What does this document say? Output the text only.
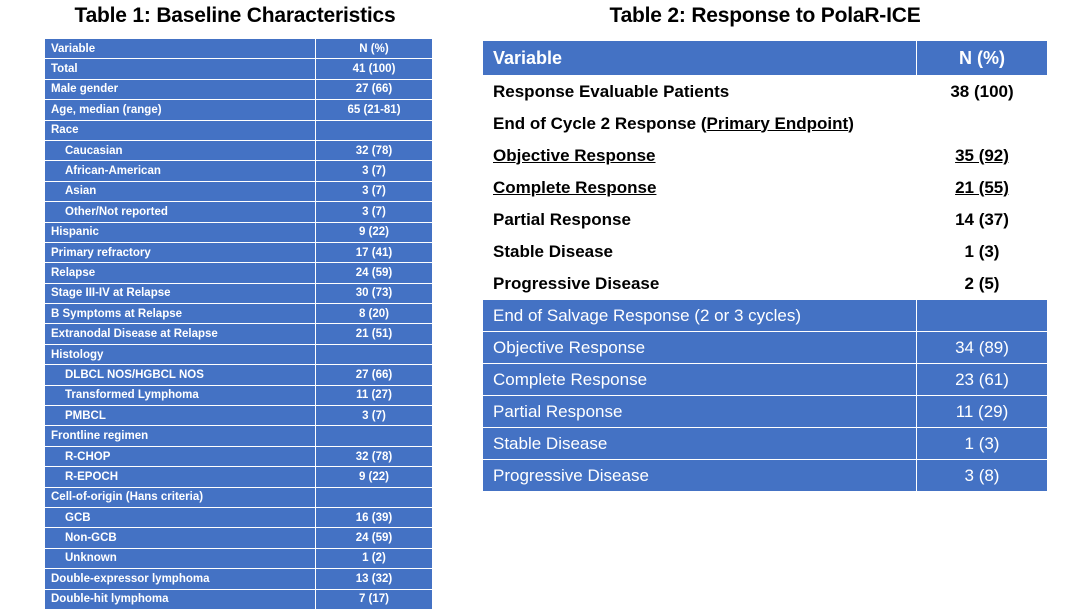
Table 1: Baseline Characteristics
Variable	N (%)
Total	41 (100)
Male gender	27 (66)
Age, median (range)	65 (21-81)
Race	
Caucasian	32 (78)
African-American	3 (7)
Asian	3 (7)
Other/Not reported	3 (7)
Hispanic	9 (22)
Primary refractory	17 (41)
Relapse	24 (59)
Stage III-IV at Relapse	30 (73)
B Symptoms at Relapse	8 (20)
Extranodal Disease at Relapse	21 (51)
Histology	
DLBCL NOS/HGBCL NOS	27 (66)
Transformed Lymphoma	11 (27)
PMBCL	3 (7)
Frontline regimen	
R-CHOP	32 (78)
R-EPOCH	9 (22)
Cell-of-origin (Hans criteria)	
GCB	16 (39)
Non-GCB	24 (59)
Unknown	1 (2)
Double-expressor lymphoma	13 (32)
Double-hit lymphoma	7 (17)
Table 2: Response to PolaR-ICE
Variable	N (%)
Response Evaluable Patients	38 (100)
End of Cycle 2 Response (Primary Endpoint)	
Objective Response	35 (92)
Complete Response	21 (55)
Partial Response	14 (37)
Stable Disease	1 (3)
Progressive Disease	2 (5)
End of Salvage Response (2 or 3 cycles)	
Objective Response	34 (89)
Complete Response	23 (61)
Partial Response	11 (29)
Stable Disease	1 (3)
Progressive Disease	3 (8)
